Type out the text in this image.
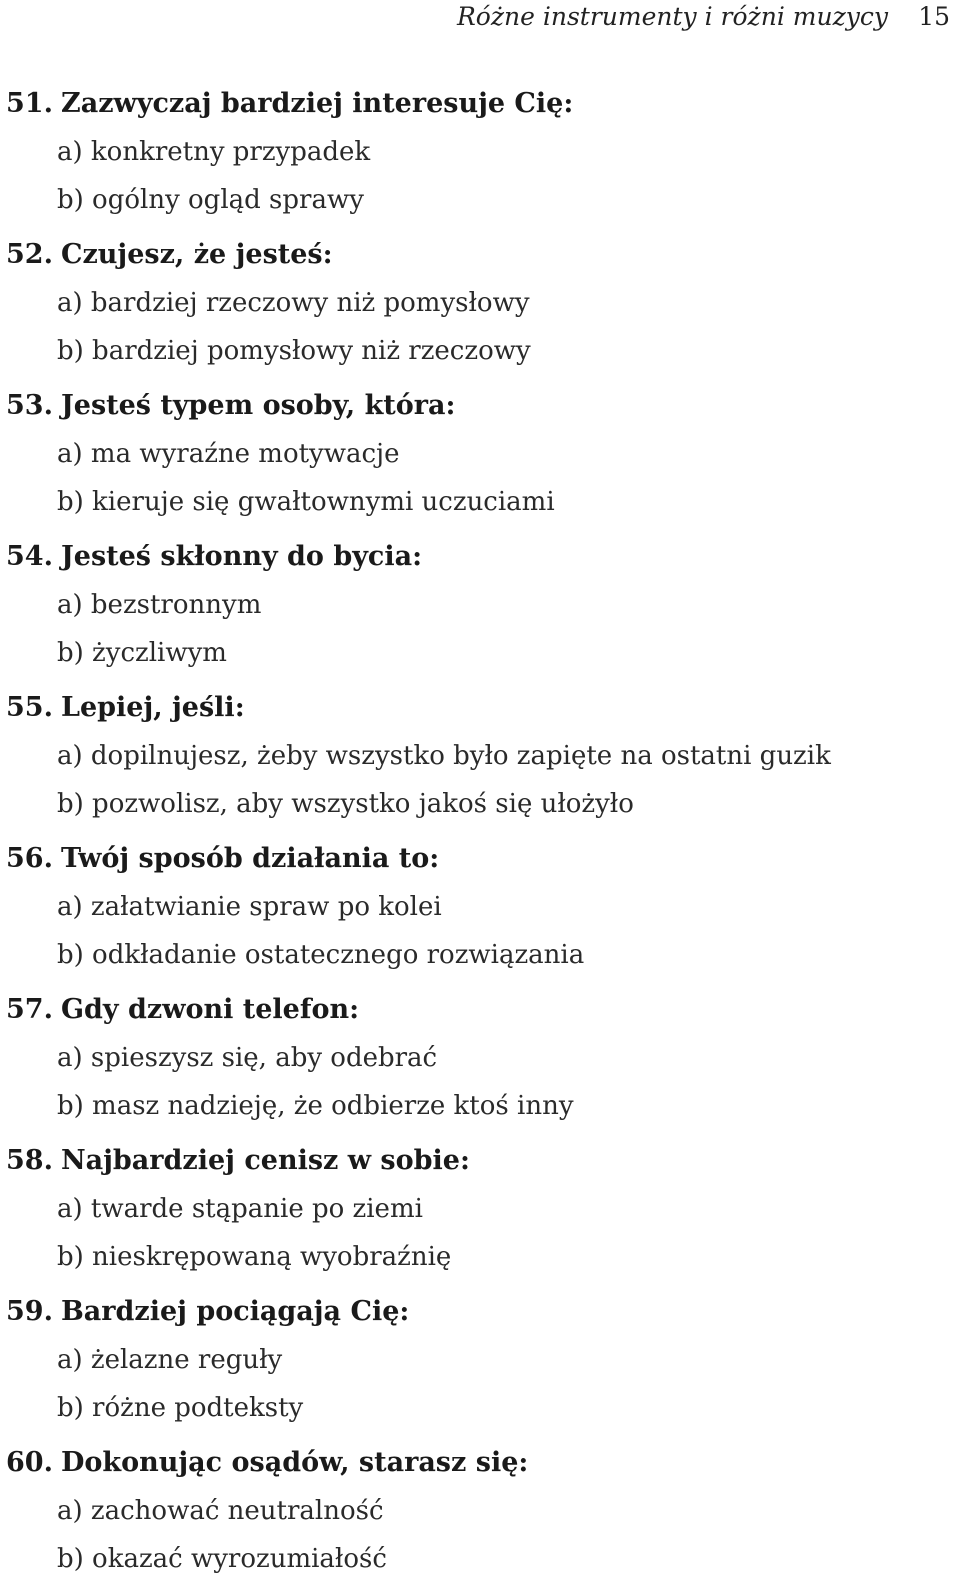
Różne instrumenty i różni muzycy 15

51. Zazwyczaj bardziej interesuje Cię:

a) konkretny przypadek

b) ogólny ogląd sprawy

52. Czujesz, że jesteś:

a) bardziej rzeczowy niż pomysłowy

b) bardziej pomysłowy niż rzeczowy

53. Jesteś typem osoby, która:

a) ma wyraźne motywacje

b) kieruje się gwałtownymi uczuciami

54. Jesteś skłonny do bycia:

a) bezstronnym

b) życzliwym

55. Lepiej, jeśli:

a) dopilnujesz, żeby wszystko było zapięte na ostatni guzik

b) pozwolisz, aby wszystko jakoś się ułożyło

56. Twój sposób działania to:

a) załatwianie spraw po kolei

b) odkładanie ostatecznego rozwiązania

57. Gdy dzwoni telefon:

a) spieszysz się, aby odebrać

b) masz nadzieję, że odbierze ktoś inny

58. Najbardziej cenisz w sobie:

a) twarde stąpanie po ziemi

b) nieskrępowaną wyobraźnię

59. Bardziej pociągają Cię:

a) żelazne reguły

b) różne podteksty

60. Dokonując osądów, starasz się:

a) zachować neutralność

b) okazać wyrozumiałość
